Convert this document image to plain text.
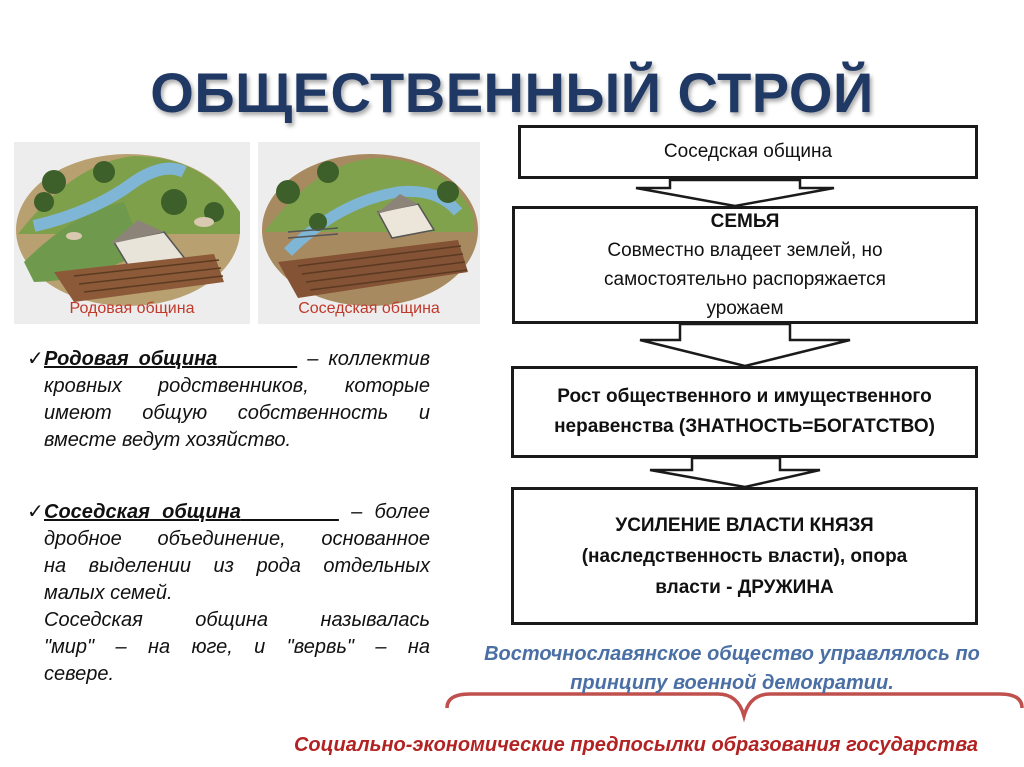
ОБЩЕСТВЕННЫЙ СТРОЙ
Родовая община	Соседская община
✓ Родовая община	– коллектив
кровных родственников, которые
имеют общую собственность и
вместе ведут хозяйство.
✓ Соседская община	– более
дробное объединение, основанное
на выделении из рода отдельных
малых семей.
Соседская община называлась
"мир" – на юге, и "вервь" – на
севере.
Соседская община
СЕМЬЯ
Совместно владеет землей, но
самостоятельно распоряжается
урожаем
Рост общественного и имущественного
неравенства (ЗНАТНОСТЬ=БОГАТСТВО)
УСИЛЕНИЕ ВЛАСТИ КНЯЗЯ
(наследственность власти), опора
власти - ДРУЖИНА
Восточнославянское общество управлялось по
принципу военной демократии.
Социально-экономические предпосылки образования государства
